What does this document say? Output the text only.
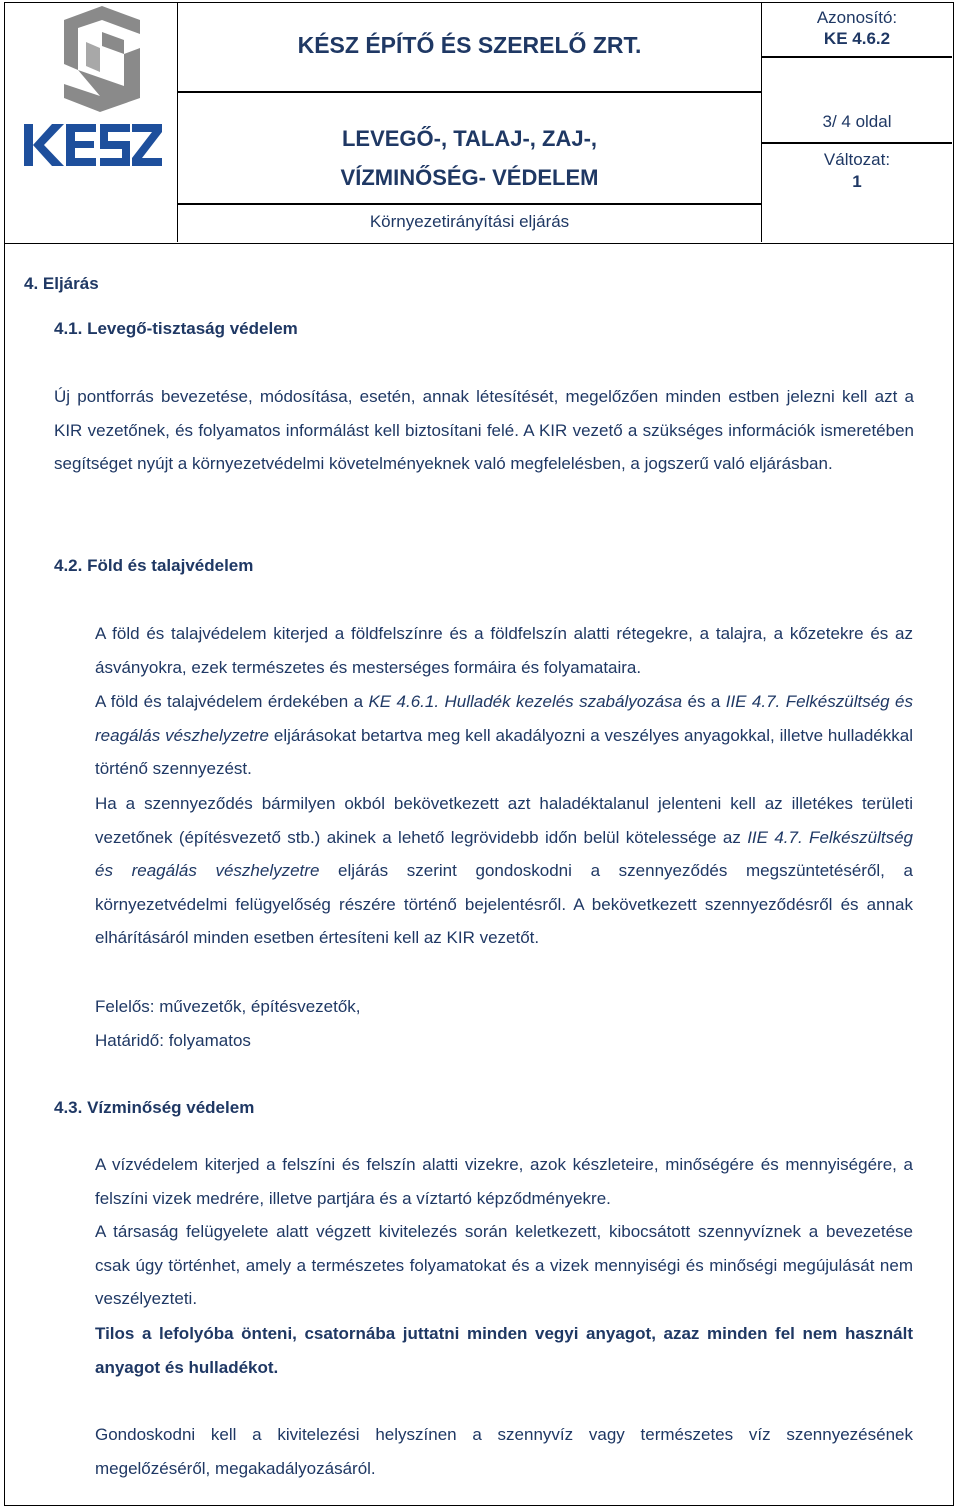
KÉSZ ÉPÍTŐ ÉS SZERELŐ ZRT.
LEVEGŐ-, TALAJ-, ZAJ-,
VÍZMINŐSÉG- VÉDELEM
Környezetirányítási eljárás
Azonosító:
KE 4.6.2
3/ 4 oldal
Változat:
1
4. Eljárás
4.1. Levegő-tisztaság védelem
Új pontforrás bevezetése, módosítása, esetén, annak létesítését, megelőzően minden estben jelezni kell azt a KIR vezetőnek, és folyamatos informálást kell biztosítani felé. A KIR vezető a szükséges információk ismeretében segítséget nyújt a környezetvédelmi követelményeknek való megfelelésben, a jogszerű való eljárásban.
4.2. Föld és talajvédelem
A föld és talajvédelem kiterjed a földfelszínre és a földfelszín alatti rétegekre, a talajra, a kőzetekre és az ásványokra, ezek természetes és mesterséges formáira és folyamataira.
A föld és talajvédelem érdekében a KE 4.6.1. Hulladék kezelés szabályozása és a IIE 4.7. Felkészültség és reagálás vészhelyzetre eljárásokat betartva meg kell akadályozni a veszélyes anyagokkal, illetve hulladékkal történő szennyezést.
Ha a szennyeződés bármilyen okból bekövetkezett azt haladéktalanul jelenteni kell az illetékes területi vezetőnek (építésvezető stb.) akinek a lehető legrövidebb időn belül kötelessége az IIE 4.7. Felkészültség és reagálás vészhelyzetre eljárás szerint gondoskodni a szennyeződés megszüntetéséről, a környezetvédelmi felügyelőség részére történő bejelentésről. A bekövetkezett szennyeződésről és annak elhárításáról minden esetben értesíteni kell az KIR vezetőt.
Felelős: művezetők, építésvezetők,
Határidő: folyamatos
4.3. Vízminőség védelem
A vízvédelem kiterjed a felszíni és felszín alatti vizekre, azok készleteire, minőségére és mennyiségére, a felszíni vizek medrére, illetve partjára és a víztartó képződményekre.
A társaság felügyelete alatt végzett kivitelezés során keletkezett, kibocsátott szennyvíznek a bevezetése csak úgy történhet, amely a természetes folyamatokat és a vizek mennyiségi és minőségi megújulását nem veszélyezteti.
Tilos a lefolyóba önteni, csatornába juttatni minden vegyi anyagot, azaz minden fel nem használt anyagot és hulladékot.
Gondoskodni kell a kivitelezési helyszínen a szennyvíz vagy természetes víz szennyezésének megelőzéséről, megakadályozásáról.
